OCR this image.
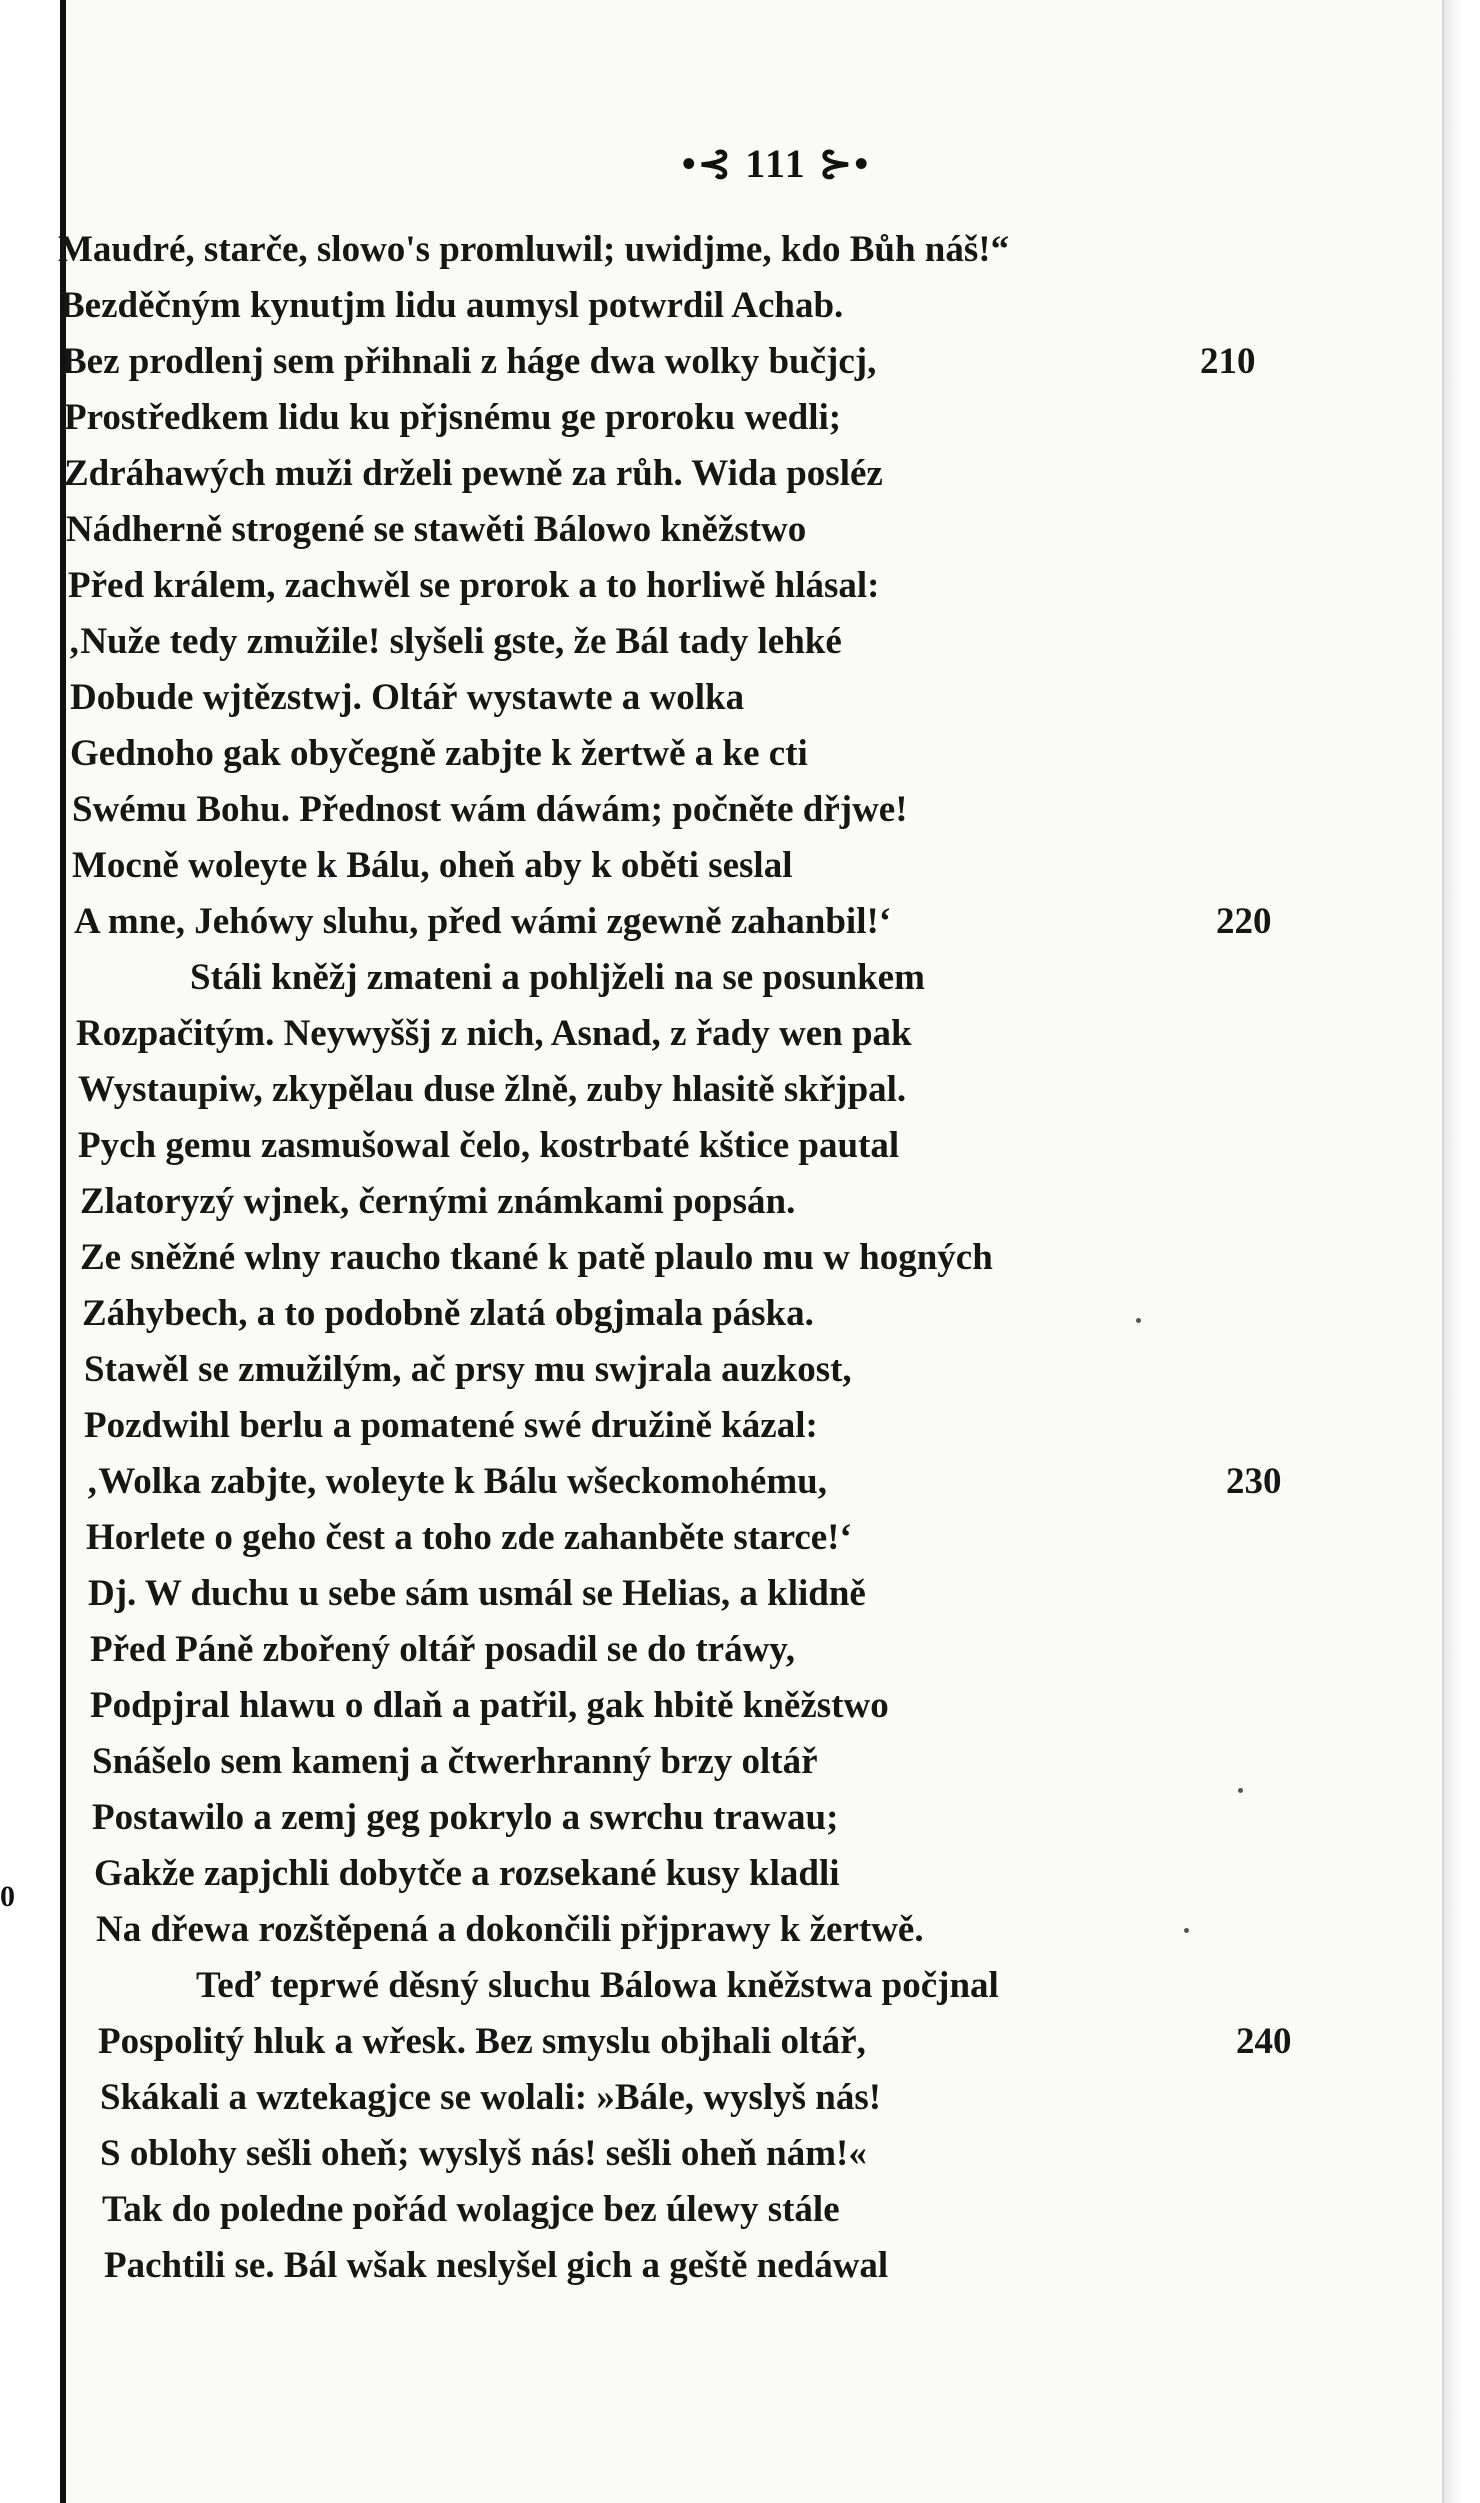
0
•⊰ 111 ⊱•
Maudré, starče, slowo's promluwil; uwidjme, kdo Bůh náš!“
Bezděčným kynutjm lidu aumysl potwrdil Achab.
Bez prodlenj sem přihnali z háge dwa wolky bučjcj,
Prostředkem lidu ku přjsnému ge proroku wedli;
Zdráhawých muži drželi pewně za růh. Wida posléz
Nádherně strogené se stawěti Bálowo kněžstwo
Před králem, zachwěl se prorok a to horliwě hlásal:
‚Nuže tedy zmužile! slyšeli gste, že Bál tady lehké
Dobude wjtězstwj. Oltář wystawte a wolka
Gednoho gak obyčegně zabjte k žertwě a ke cti
Swému Bohu. Přednost wám dáwám; počněte dřjwe!
Mocně woleyte k Bálu, oheň aby k oběti seslal
A mne, Jehówy sluhu, před wámi zgewně zahanbil!‘
Stáli kněžj zmateni a pohljželi na se posunkem
Rozpačitým. Neywyššj z nich, Asnad, z řady wen pak
Wystaupiw, zkypělau duse žlně, zuby hlasitě skřjpal.
Pych gemu zasmušowal čelo, kostrbaté kštice pautal
Zlatoryzý wjnek, černými známkami popsán.
Ze sněžné wlny raucho tkané k patě plaulo mu w hogných
Záhybech, a to podobně zlatá obgjmala páska.
Stawěl se zmužilým, ač prsy mu swjrala auzkost,
Pozdwihl berlu a pomatené swé družině kázal:
‚Wolka zabjte, woleyte k Bálu wšeckomohému,
Horlete o geho čest a toho zde zahanběte starce!‘
Dj. W duchu u sebe sám usmál se Helias, a klidně
Před Páně zbořený oltář posadil se do tráwy,
Podpjral hlawu o dlaň a patřil, gak hbitě kněžstwo
Snášelo sem kamenj a čtwerhranný brzy oltář
Postawilo a zemj geg pokrylo a swrchu trawau;
Gakže zapjchli dobytče a rozsekané kusy kladli
Na dřewa rozštěpená a dokončili přjprawy k žertwě.
Teď teprwé děsný sluchu Bálowa kněžstwa počjnal
Pospolitý hluk a wřesk. Bez smyslu objhali oltář,
Skákali a wztekagjce se wolali: »Bále, wyslyš nás!
S oblohy sešli oheň; wyslyš nás! sešli oheň nám!«
Tak do poledne pořád wolagjce bez úlewy stále
Pachtili se. Bál wšak neslyšel gich a geště nedáwal
210
220
230
240
